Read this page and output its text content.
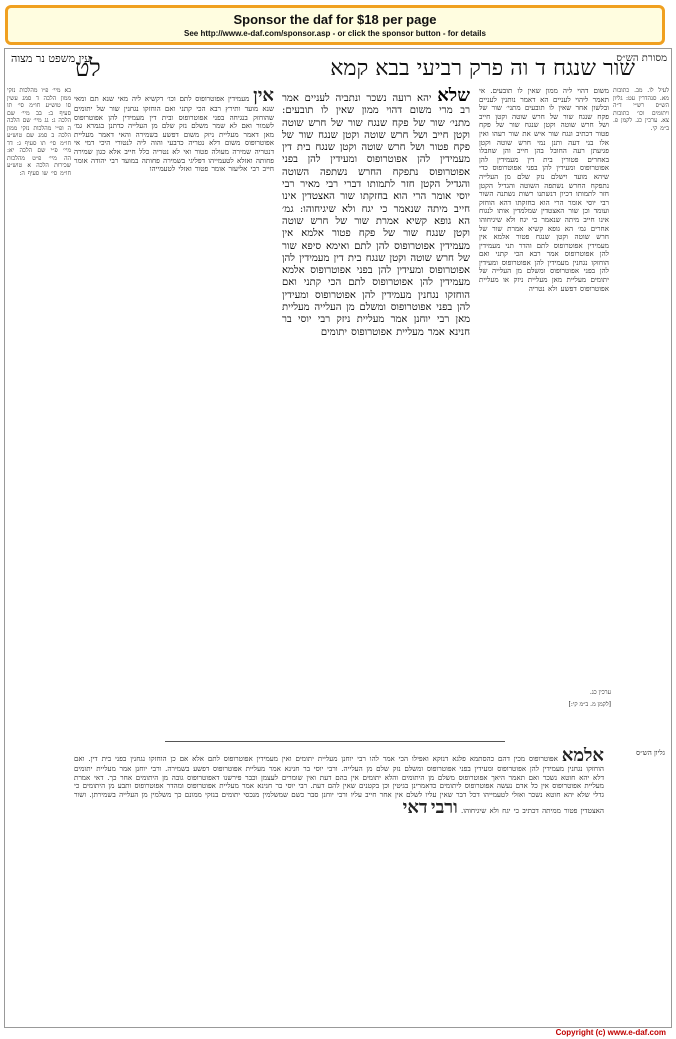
Sponsor the daf for $18 per page
See http://www.e-daf.com/sponsor.asp - or click the sponsor button - for details
עין משפט נר מצוה	שור שנגח ד וה פרק רביעי בבא קמא
לט	מסורת הש״ס
לעיל לו. מב. כתובות מא. סנהדרין עט: גליון הש״ס רש״י ד״ה ויתומים וכו׳ כתובות צא. ערכין כג. לקמן פ. ב״מ קי.
משום דהוי ליה ממון שאין לו תובעים. אי תאמר ליהוי לעניים הא דאמר נותנין לעניים ובלשון אחר שאין לו תובעים מתני׳ שור של פקח שנגח שור של חרש שוטה וקטן חייב ושל חרש שוטה וקטן שנגח שור של פקח פטור דכתיב ונגח שור איש את שור רעהו ואין אלו בני דעה ותנן נמי חרש שוטה וקטן פגיעתן רעה החובל בהן חייב והן שחבלו באחרים פטורין בית דין מעמידין להן אפוטרופוס ומעידין להן בפני אפוטרופוס כדי שיהא מועד וישלם נזק שלם מן העלייה נתפקח החרש נשתפה השוטה והגדיל הקטן חזר לתמותו דכיון דנשתנו רשות נשתנה השור רבי יוסי אומר הרי הוא בחזקתו דהא הוחזק ועומד וכן שור האצטדין שמלמדין אותו לנגוח אינו חייב מיתה שנאמר כי יגח ולא שיגיחוהו אחרים גמ׳ הא גופא קשיא אמרת שור של חרש שוטה וקטן שנגח פטור אלמא אין מעמידין אפוטרופוס לתם והדר תני מעמידין להן אפוטרופוס אמר רבא הכי קתני ואם הוחזקו נגחנין מעמידין להן אפוטרופוס ומעידין להן בפני אפוטרופוס ומשלם מן העלייה של יתומים מעליית מאן מעליית ניזק או מעליית אפוטרופוס דפשע ולא נטריה
שלא יהא רועה נשכר ונתביה לעניים אמר רב מרי משום דהוי ממון שאין לו תובעים: מתני׳ שור של פקח שנגח שור של חרש שוטה וקטן חייב ושל חרש שוטה וקטן שנגח שור של פקח פטור ושל חרש שוטה וקטן שנגח בית דין מעמידין להן אפוטרופוס ומעידין להן בפני אפוטרופוס נתפקח החרש נשתפה השוטה והגדיל הקטן חזר לתמותו דברי רבי מאיר רבי יוסי אומר הרי הוא בחזקתו שור האצטדין אינו חייב מיתה שנאמר כי יגח ולא שיגיחוהו: גמ׳ הא גופא קשיא אמרת שור של חרש שוטה וקטן שנגח שור של פקח פטור אלמא אין מעמידין אפוטרופוס להן לתם ואימא סיפא שור של חרש שוטה וקטן שנגח בית דין מעמידין להן אפוטרופוס ומעידין להן בפני אפוטרופוס אלמא מעמידין להן אפוטרופוס לתם הכי קתני ואם הוחזקו נגחנין מעמידין להן אפוטרופוס ומעידין להן בפני אפוטרופוס ומשלם מן העלייה מעליית מאן רבי יוחנן אמר מעליית ניזק רבי יוסי בר חנינא אמר מעליית אפוטרופוס יתומים
אין מעמידין אפוטרופוס לתם וכו׳ דקשיא ליה מאי שנא תם ומאי שנא מועד ותירץ רבא הכי קתני ואם הוחזקו נגחנין שור של יתומים שהוחזק בנגיחה בפני אפוטרופוס ובית דין מעמידין להן אפוטרופוס לשמור ואם לא שמר משלם נזק שלם מן העלייה כדתנן בגמרא גמ׳ מאן דאמר מעליית ניזק משום דפשע בשמירה והאי דאמר מעליית אפוטרופוס משום דלא נטריה כדבעי והוה ליה לנטורי היכי דמי אי דנטריה שמירה מעולה פטור ואי לא נטריה כלל חייב אלא כגון שמירה פחותה ואזלא לטעמייהו דפליגי בשמירה פחותה במועד רבי יהודה אומר חייב רבי אליעזר אומר פטור ואזלי לטעמייהו
בא מיי׳ פ״ו מהלכות נזקי ממון הלכה ד סמג עשין סו טוש״ע חו״מ סי׳ תו סעיף ב: בב מיי׳ שם הלכה ג: גג מיי׳ שם הלכה ה ופ״י מהלכות נזקי ממון הלכה ב סמג שם טוש״ע חו״מ סי׳ תו סעיף ג: דד מיי׳ פ״י שם הלכה יא: הה מיי׳ פ״ט מהלכות שכירות הלכה א טוש״ע חו״מ סי׳ שו סעיף ה:
אלמא אפוטרופוס מכין דהם כהסתמא פלגא דנזקא ואפילו הכי אמר להו רבי יוחנן מעליית יתומים ואין מעמידין אפוטרופוס לתם אלא אם כן הוחזקו נגחנין בפני בית דין. ואם הוחזקו נגחנין מעמידין להן אפוטרופוס ומעידין בפני אפוטרופוס ומשלם נזק שלם מן העלייה. ורבי יוסי בר חנינא אמר מעליית אפוטרופוס דפשע בשמירה. ורבי יוחנן אמר מעליית יתומים דלא יהא חוטא נשכר ואם תאמר היאך אפוטרופוס משלם מן היתומים והלא יתומים אין בהם דעת ואין שומרים לעצמן וכבר פירשנו דאפוטרופוס גובה מן היתומים אחר כך. דאי אמרת מעליית אפוטרופוס אין כל אדם נעשה אפוטרופוס ליתומים כדאמרינן בגיטין וכן בקטנים שאין להם דעת. רבי יוסי בר חנינא אמר מעליית אפוטרופוס ומהדר אפוטרופוס ותבע מן היתומים כי גדלי שלא יהא חוטא נשכר ואזלי לטעמייהו דכל דבר שאין עליו לשלם אין אחר חייב עליו ורבי יוחנן סבר כשם שמשלמין מנכסי יתומים בנזקי ממונם כך משלמין מן העלייה בשמירתן. ושור האצטדין פטור ממיתה דכתיב כי יגח ולא שיגיחוהו. ורבי דאי
ערכין כג.
[לקמן מ. ב״מ קי:]
גליון הש״ס
Copyright (c) www.e-daf.com
